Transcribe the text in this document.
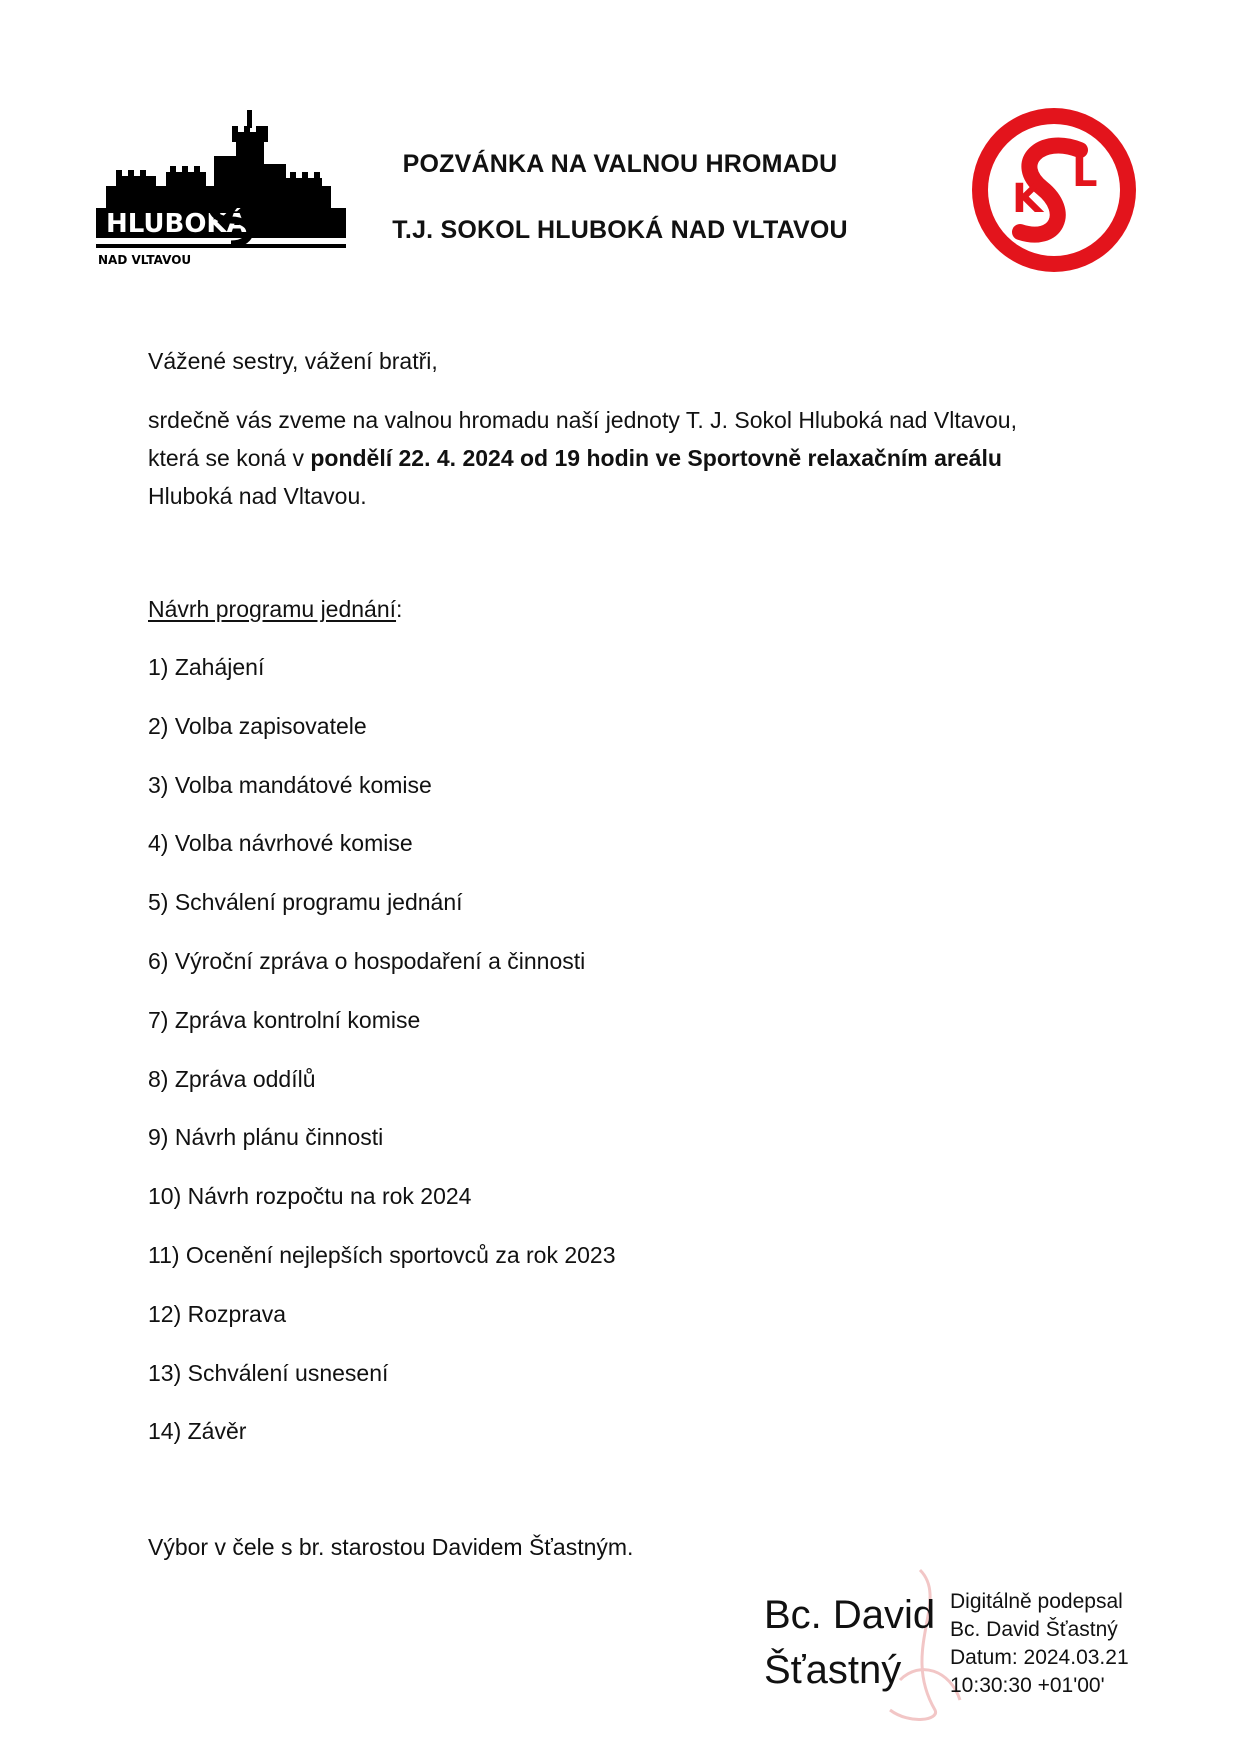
HLUBOKÁ
NAD VLTAVOU
POZVÁNKA NA VALNOU HROMADU
T.J. SOKOL HLUBOKÁ NAD VLTAVOU
L
K
Vážené sestry, vážení bratři,
srdečně vás zveme na valnou hromadu naší jednoty T. J. Sokol Hluboká nad Vltavou,
která se koná v pondělí 22. 4. 2024 od 19 hodin ve Sportovně relaxačním areálu
Hluboká nad Vltavou.
Návrh programu jednání:
1) Zahájení
2) Volba zapisovatele
3) Volba mandátové komise
4) Volba návrhové komise
5) Schválení programu jednání
6) Výroční zpráva o hospodaření a činnosti
7) Zpráva kontrolní komise
8) Zpráva oddílů
9) Návrh plánu činnosti
10) Návrh rozpočtu na rok 2024
11) Ocenění nejlepších sportovců za rok 2023
12) Rozprava
13) Schválení usnesení
14) Závěr
Výbor v čele s br. starostou Davidem Šťastným.
Bc. David
Šťastný
Digitálně podepsal
Bc. David Šťastný
Datum: 2024.03.21
10:30:30 +01'00'
